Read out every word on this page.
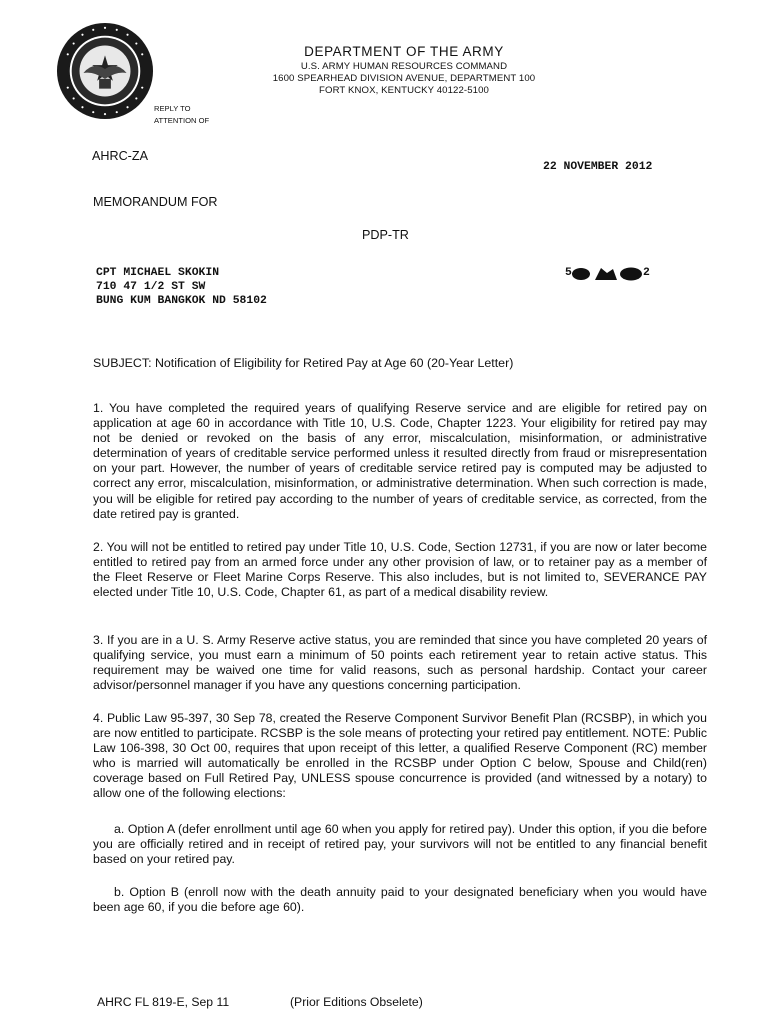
DEPARTMENT OF THE ARMY
U.S. ARMY HUMAN RESOURCES COMMAND
1600 SPEARHEAD DIVISION AVENUE, DEPARTMENT 100
FORT KNOX, KENTUCKY 40122-5100
REPLY TO
ATTENTION OF
AHRC-ZA
22 NOVEMBER 2012
MEMORANDUM FOR
PDP-TR
CPT MICHAEL SKOKIN
710 47 1/2 ST SW
BUNG KUM BANGKOK ND 58102
5	2
SUBJECT: Notification of Eligibility for Retired Pay at Age 60 (20-Year Letter)

1. You have completed the required years of qualifying Reserve service and are eligible for retired pay on application at age 60 in accordance with Title 10, U.S. Code, Chapter 1223. Your eligibility for retired pay may not be denied or revoked on the basis of any error, miscalculation, misinformation, or administrative determination of years of creditable service performed unless it resulted directly from fraud or misrepresentation on your part. However, the number of years of creditable service retired pay is computed may be adjusted to correct any error, miscalculation, misinformation, or administrative determination. When such correction is made, you will be eligible for retired pay according to the number of years of creditable service, as corrected, from the date retired pay is granted.

2. You will not be entitled to retired pay under Title 10, U.S. Code, Section 12731, if you are now or later become entitled to retired pay from an armed force under any other provision of law, or to retainer pay as a member of the Fleet Reserve or Fleet Marine Corps Reserve. This also includes, but is not limited to, SEVERANCE PAY elected under Title 10, U.S. Code, Chapter 61, as part of a medical disability review.

3. If you are in a U. S. Army Reserve active status, you are reminded that since you have completed 20 years of qualifying service, you must earn a minimum of 50 points each retirement year to retain active status. This requirement may be waived one time for valid reasons, such as personal hardship. Contact your career advisor/personnel manager if you have any questions concerning participation.

4. Public Law 95-397, 30 Sep 78, created the Reserve Component Survivor Benefit Plan (RCSBP), in which you are now entitled to participate. RCSBP is the sole means of protecting your retired pay entitlement. NOTE: Public Law 106-398, 30 Oct 00, requires that upon receipt of this letter, a qualified Reserve Component (RC) member who is married will automatically be enrolled in the RCSBP under Option C below, Spouse and Child(ren) coverage based on Full Retired Pay, UNLESS spouse concurrence is provided (and witnessed by a notary) to allow one of the following elections:

a. Option A (defer enrollment until age 60 when you apply for retired pay). Under this option, if you die before you are officially retired and in receipt of retired pay, your survivors will not be entitled to any financial benefit based on your retired pay.

b. Option B (enroll now with the death annuity paid to your designated beneficiary when you would have been age 60, if you die before age 60).

AHRC FL 819-E, Sep 11	(Prior Editions Obselete)
